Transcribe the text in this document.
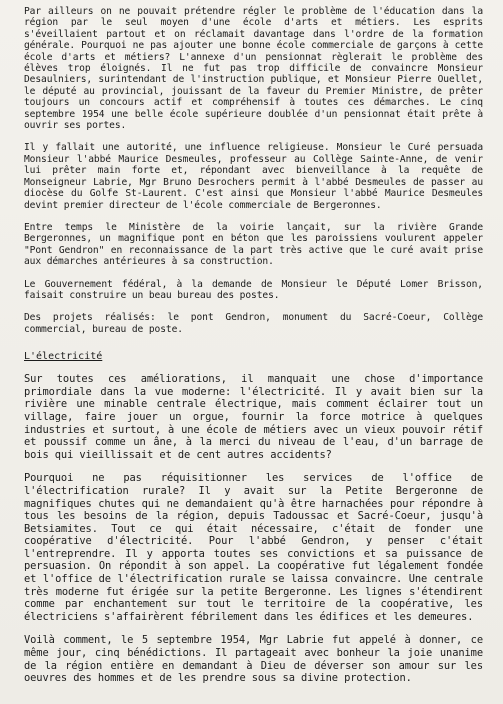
Par ailleurs on ne pouvait prétendre régler le problème de l'éducation dans la région par le seul moyen d'une école d'arts et métiers. Les esprits s'éveillaient partout et on réclamait davantage dans l'ordre de la formation générale. Pourquoi ne pas ajouter une bonne école commerciale de garçons à cette école d'arts et métiers? L'annexe d'un pensionnat règlerait le problème des élèves trop éloignés. Il ne fut pas trop difficile de convaincre Monsieur Desaulniers, surintendant de l'instruction publique, et Monsieur Pierre Ouellet, le député au provincial, jouissant de la faveur du Premier Ministre, de prêter toujours un concours actif et compréhensif à toutes ces démarches. Le cinq septembre 1954 une belle école supérieure doublée d'un pensionnat était prête à ouvrir ses portes.

Il y fallait une autorité, une influence religieuse. Monsieur le Curé persuada Monsieur l'abbé Maurice Desmeules, professeur au Collège Sainte-Anne, de venir lui prêter main forte et, répondant avec bienveillance à la requête de Monseigneur Labrie, Mgr Bruno Desrochers permit à l'abbé Desmeules de passer au diocèse du Golfe St-Laurent. C'est ainsi que Monsieur l'abbé Maurice Desmeules devint premier directeur de l'école commerciale de Bergeronnes.

Entre temps le Ministère de la voirie lançait, sur la rivière Grande Bergeronnes, un magnifique pont en béton que les paroissiens voulurent appeler "Pont Gendron" en reconnaissance de la part très active que le curé avait prise aux démarches antérieures à sa construction.

Le Gouvernement fédéral, à la demande de Monsieur le Député Lomer Brisson, faisait construire un beau bureau des postes.

Des projets réalisés: le pont Gendron, monument du Sacré-Coeur, Collège commercial, bureau de poste.

L'électricité

Sur toutes ces améliorations, il manquait une chose d'importance primordiale dans la vue moderne: l'électricité. Il y avait bien sur la rivière une minable centrale électrique, mais comment éclairer tout un village, faire jouer un orgue, fournir la force motrice à quelques industries et surtout, à une école de métiers avec un vieux pouvoir rétif et poussif comme un âne, à la merci du niveau de l'eau, d'un barrage de bois qui vieillissait et de cent autres accidents?

Pourquoi ne pas réquisitionner les services de l'office de l'électrification rurale? Il y avait sur la Petite Bergeronne de magnifiques chutes qui ne demandaient qu'à être harnachées pour répondre à tous les besoins de la région, depuis Tadoussac et Sacré-Coeur, jusqu'à Betsiamites. Tout ce qui était nécessaire, c'était de fonder une coopérative d'électricité. Pour l'abbé Gendron, y penser c'était l'entreprendre. Il y apporta toutes ses convictions et sa puissance de persuasion. On répondit à son appel. La coopérative fut légalement fondée et l'office de l'électrification rurale se laissa convaincre. Une centrale très moderne fut érigée sur la petite Bergeronne. Les lignes s'étendirent comme par enchantement sur tout le territoire de la coopérative, les électriciens s'affairèrent fébrilement dans les édifices et les demeures.

Voilà comment, le 5 septembre 1954, Mgr Labrie fut appelé à donner, ce même jour, cinq bénédictions. Il partageait avec bonheur la joie unanime de la région entière en demandant à Dieu de déverser son amour sur les oeuvres des hommes et de les prendre sous sa divine protection.
